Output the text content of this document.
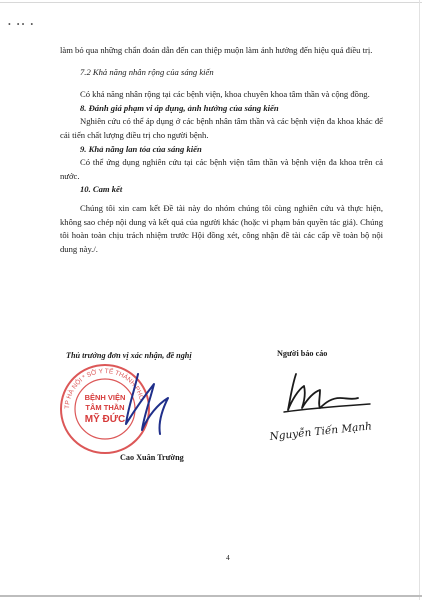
• •• •

làm bỏ qua những chẩn đoán dẫn đến can thiệp muộn làm ảnh hưởng đến hiệu quả điều trị.

7.2 Khả năng nhân rộng của sáng kiến

Có khả năng nhân rộng tại các bệnh viện, khoa chuyên khoa tâm thần và cộng đồng.

8. Đánh giá phạm vi áp dụng, ảnh hưởng của sáng kiến

Nghiên cứu có thể áp dụng ở các bệnh nhân tâm thần và các bệnh viện đa khoa khác để cải tiến chất lượng điều trị cho người bệnh.

9. Khả năng lan tỏa của sáng kiến

Có thể ứng dụng nghiên cứu tại các bệnh viện tâm thần và bệnh viện đa khoa trên cả nước.

10. Cam kết

Chúng tôi xin cam kết Đề tài này do nhóm chúng tôi cùng nghiên cứu và thực hiện, không sao chép nội dung và kết quả của người khác (hoặc vi phạm bản quyền tác giả). Chúng tôi hoàn toàn chịu trách nhiệm trước Hội đồng xét, công nhận đề tài các cấp về toàn bộ nội dung này./.

Thủ trưởng đơn vị xác nhận, đề nghị	Người báo cáo
TP HÀ NỘI * SỞ Y TẾ THÀNH PHỐ
BỆNH VIỆN
TÂM THẦN
MỸ ĐỨC
Nguyễn Tiến Mạnh
Cao Xuân Trường
4
